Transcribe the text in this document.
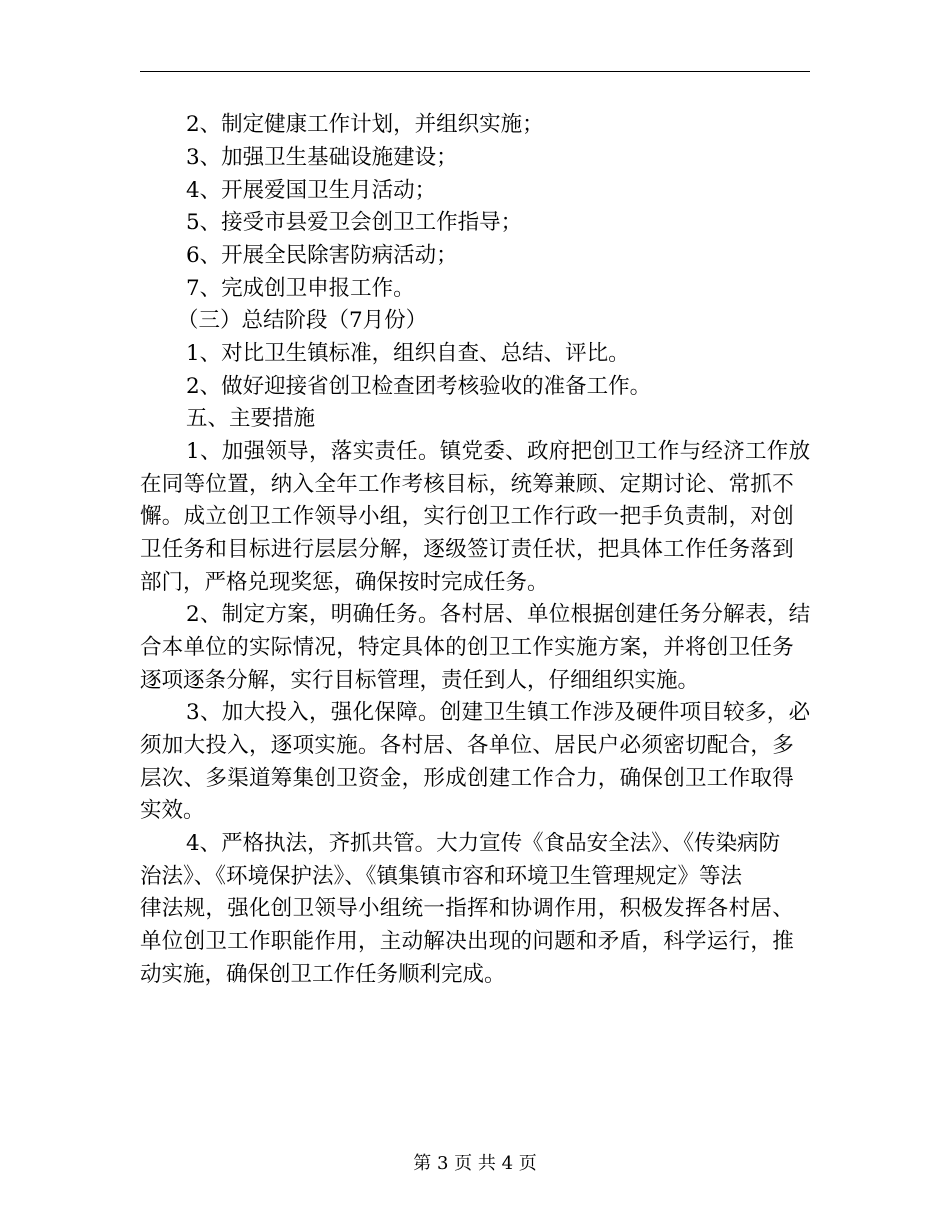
2、制定健康工作计划，并组织实施；
3、加强卫生基础设施建设；
4、开展爱国卫生月活动；
5、接受市县爱卫会创卫工作指导；
6、开展全民除害防病活动；
7、完成创卫申报工作。
（三）总结阶段（7月份）
1、对比卫生镇标准，组织自查、总结、评比。
2、做好迎接省创卫检查团考核验收的准备工作。
五、主要措施
1、加强领导，落实责任。镇党委、政府把创卫工作与经济工作放
在同等位置，纳入全年工作考核目标，统筹兼顾、定期讨论、常抓不
懈。成立创卫工作领导小组，实行创卫工作行政一把手负责制，对创
卫任务和目标进行层层分解，逐级签订责任状，把具体工作任务落到
部门，严格兑现奖惩，确保按时完成任务。
2、制定方案，明确任务。各村居、单位根据创建任务分解表，结
合本单位的实际情况，特定具体的创卫工作实施方案，并将创卫任务
逐项逐条分解，实行目标管理，责任到人，仔细组织实施。
3、加大投入，强化保障。创建卫生镇工作涉及硬件项目较多，必
须加大投入，逐项实施。各村居、各单位、居民户必须密切配合，多
层次、多渠道筹集创卫资金，形成创建工作合力，确保创卫工作取得
实效。
4、严格执法，齐抓共管。大力宣传《食品安全法》、《传染病防
治法》、《环境保护法》、《镇集镇市容和环境卫生管理规定》等法
律法规，强化创卫领导小组统一指挥和协调作用，积极发挥各村居、
单位创卫工作职能作用，主动解决出现的问题和矛盾，科学运行，推
动实施，确保创卫工作任务顺利完成。
第 3 页 共 4 页
